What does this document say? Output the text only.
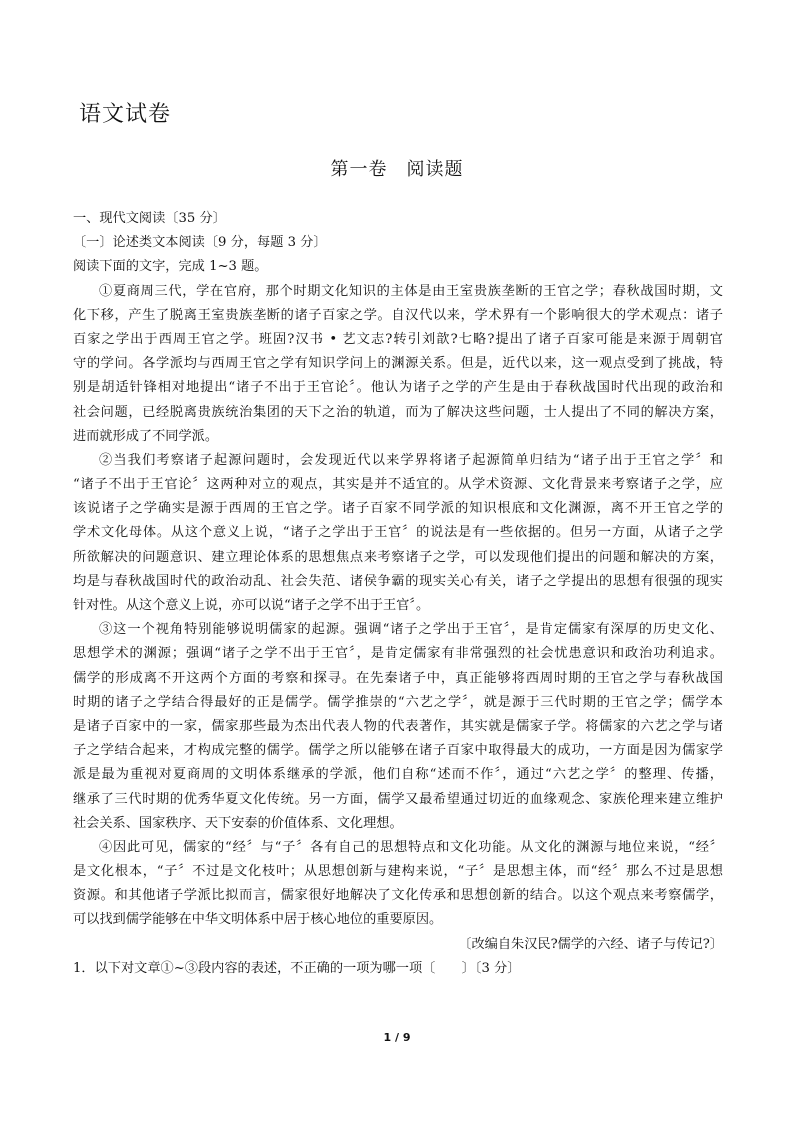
语文试卷
第一卷　阅读题
一、现代文阅读〔35 分〕
〔一〕论述类文本阅读〔9 分，每题 3 分〕
阅读下面的文字，完成 1~3 题。
①夏商周三代，学在官府，那个时期文化知识的主体是由王室贵族垄断的王官之学；春秋战国时期，文
化下移，产生了脱离王室贵族垄断的诸子百家之学。自汉代以来，学术界有一个影响很大的学术观点：诸子
百家之学出于西周王官之学。班固?汉书 • 艺文志?转引刘歆?七略?提出了诸子百家可能是来源于周朝官
守的学问。各学派均与西周王官之学有知识学问上的渊源关系。但是，近代以来，这一观点受到了挑战，特
别是胡适针锋相对地提出“诸子不出于王官论〞。他认为诸子之学的产生是由于春秋战国时代出现的政治和
社会问题，已经脱离贵族统治集团的天下之治的轨道，而为了解决这些问题，士人提出了不同的解决方案，
进而就形成了不同学派。
②当我们考察诸子起源问题时，会发现近代以来学界将诸子起源简单归结为“诸子出于王官之学〞和
“诸子不出于王官论〞这两种对立的观点，其实是并不适宜的。从学术资源、文化背景来考察诸子之学，应
该说诸子之学确实是源于西周的王官之学。诸子百家不同学派的知识根底和文化渊源，离不开王官之学的
学术文化母体。从这个意义上说，“诸子之学出于王官〞的说法是有一些依据的。但另一方面，从诸子之学
所欲解决的问题意识、建立理论体系的思想焦点来考察诸子之学，可以发现他们提出的问题和解决的方案，
均是与春秋战国时代的政治动乱、社会失范、诸侯争霸的现实关心有关，诸子之学提出的思想有很强的现实
针对性。从这个意义上说，亦可以说“诸子之学不出于王官〞。
③这一个视角特别能够说明儒家的起源。强调“诸子之学出于王官〞，是肯定儒家有深厚的历史文化、
思想学术的渊源；强调“诸子之学不出于王官〞，是肯定儒家有非常强烈的社会忧患意识和政治功利追求。
儒学的形成离不开这两个方面的考察和探寻。在先秦诸子中，真正能够将西周时期的王官之学与春秋战国
时期的诸子之学结合得最好的正是儒学。儒学推崇的“六艺之学〞，就是源于三代时期的王官之学；儒学本
是诸子百家中的一家，儒家那些最为杰出代表人物的代表著作，其实就是儒家子学。将儒家的六艺之学与诸
子之学结合起来，才构成完整的儒学。儒学之所以能够在诸子百家中取得最大的成功，一方面是因为儒家学
派是最为重视对夏商周的文明体系继承的学派，他们自称“述而不作〞，通过“六艺之学〞的整理、传播，
继承了三代时期的优秀华夏文化传统。另一方面，儒学又最希望通过切近的血缘观念、家族伦理来建立维护
社会关系、国家秩序、天下安泰的价值体系、文化理想。
④因此可见，儒家的“经〞与“子〞各有自己的思想特点和文化功能。从文化的渊源与地位来说，“经〞
是文化根本，“子〞不过是文化枝叶；从思想创新与建构来说，“子〞是思想主体，而“经〞那么不过是思想
资源。和其他诸子学派比拟而言，儒家很好地解决了文化传承和思想创新的结合。以这个观点来考察儒学，
可以找到儒学能够在中华文明体系中居于核心地位的重要原因。
〔改编自朱汉民?儒学的六经、诸子与传记?〕
1．以下对文章①~③段内容的表述，不正确的一项为哪一项〔　　〕〔3 分〕
1 / 9
